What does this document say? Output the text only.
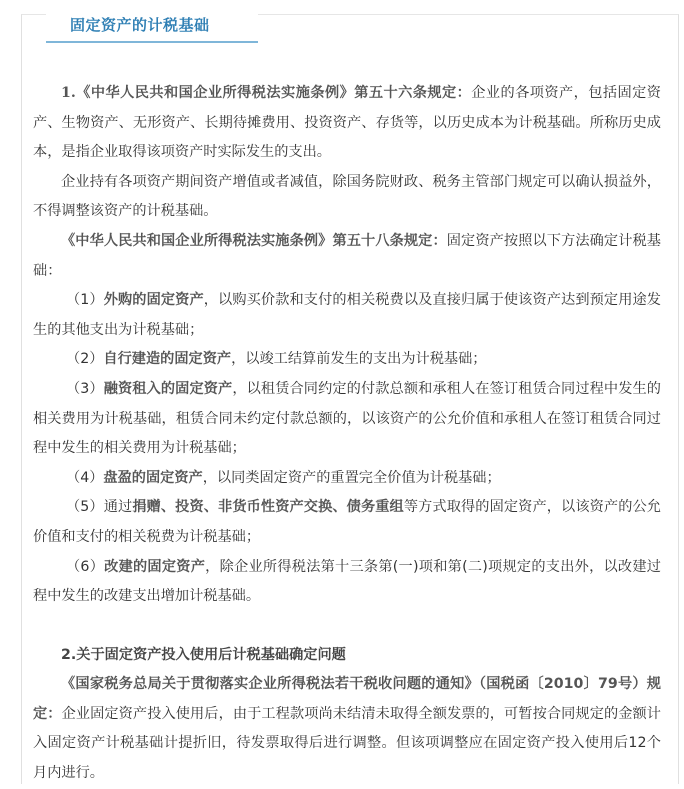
固定资产的计税基础

1.《中华人民共和国企业所得税法实施条例》第五十六条规定：企业的各项资产，包括固定资产、生物资产、无形资产、长期待摊费用、投资资产、存货等，以历史成本为计税基础。所称历史成本，是指企业取得该项资产时实际发生的支出。

企业持有各项资产期间资产增值或者减值，除国务院财政、税务主管部门规定可以确认损益外，不得调整该资产的计税基础。

《中华人民共和国企业所得税法实施条例》第五十八条规定：固定资产按照以下方法确定计税基础：

（1）外购的固定资产，以购买价款和支付的相关税费以及直接归属于使该资产达到预定用途发生的其他支出为计税基础；

（2）自行建造的固定资产，以竣工结算前发生的支出为计税基础；

（3）融资租入的固定资产，以租赁合同约定的付款总额和承租人在签订租赁合同过程中发生的相关费用为计税基础，租赁合同未约定付款总额的，以该资产的公允价值和承租人在签订租赁合同过程中发生的相关费用为计税基础；

（4）盘盈的固定资产，以同类固定资产的重置完全价值为计税基础；

（5）通过捐赠、投资、非货币性资产交换、债务重组等方式取得的固定资产，以该资产的公允价值和支付的相关税费为计税基础；

（6）改建的固定资产，除企业所得税法第十三条第(一)项和第(二)项规定的支出外，以改建过程中发生的改建支出增加计税基础。

2.关于固定资产投入使用后计税基础确定问题

《国家税务总局关于贯彻落实企业所得税法若干税收问题的通知》（国税函〔2010〕79号）规定：企业固定资产投入使用后，由于工程款项尚未结清未取得全额发票的，可暂按合同规定的金额计入固定资产计税基础计提折旧，待发票取得后进行调整。但该项调整应在固定资产投入使用后12个月内进行。
